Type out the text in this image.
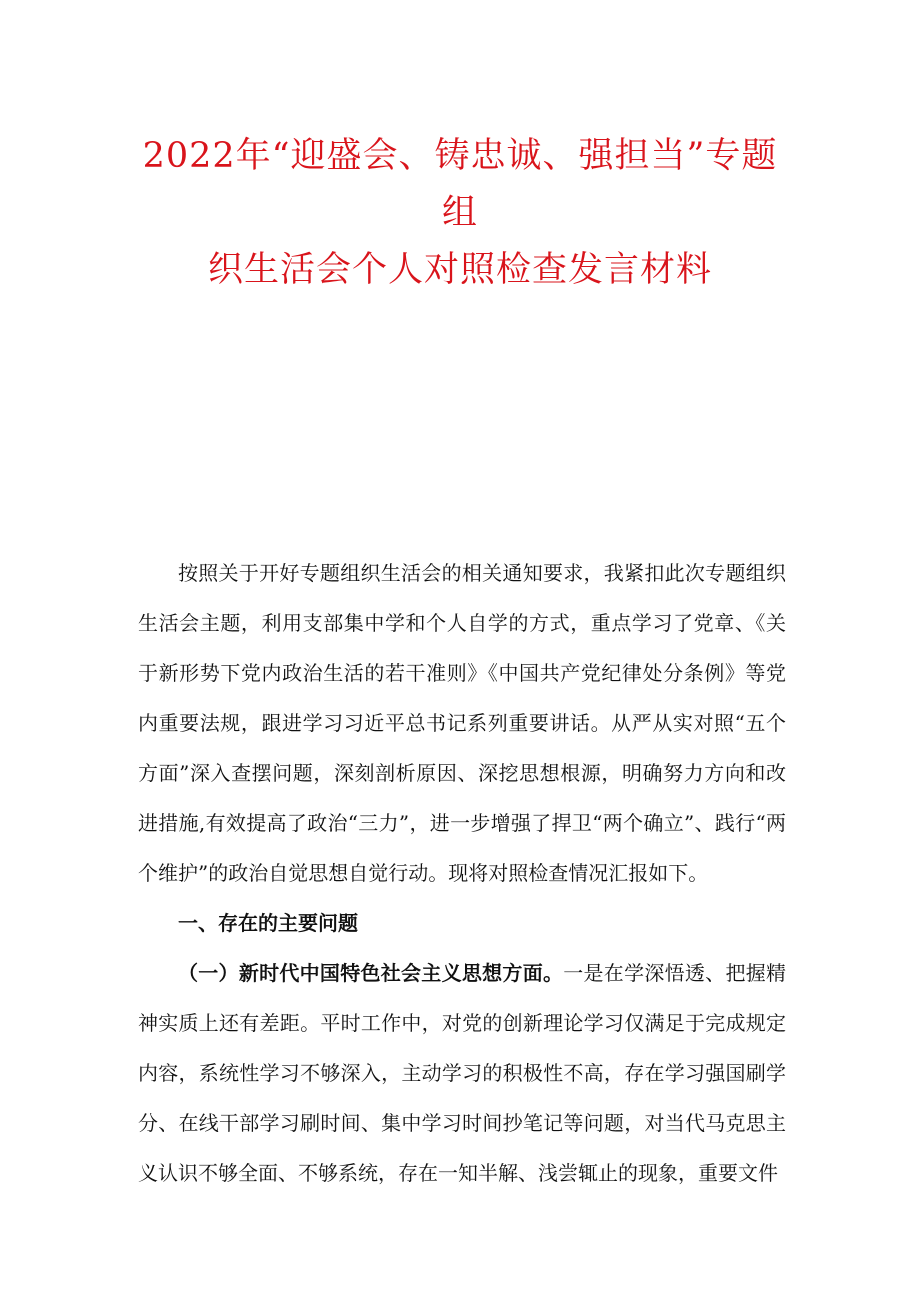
2022年“迎盛会、铸忠诚、强担当”专题
组
织生活会个人对照检查发言材料

按照关于开好专题组织生活会的相关通知要求，我紧扣此次专题组织生活会主题，利用支部集中学和个人自学的方式，重点学习了党章、《关于新形势下党内政治生活的若干准则》《中国共产党纪律处分条例》等党内重要法规，跟进学习习近平总书记系列重要讲话。从严从实对照“五个方面”深入查摆问题，深刻剖析原因、深挖思想根源，明确努力方向和改进措施,有效提高了政治“三力”，进一步增强了捍卫“两个确立”、践行“两个维护”的政治自觉思想自觉行动。现将对照检查情况汇报如下。

一、存在的主要问题

（一）新时代中国特色社会主义思想方面。一是在学深悟透、把握精神实质上还有差距。平时工作中，对党的创新理论学习仅满足于完成规定内容，系统性学习不够深入，主动学习的积极性不高，存在学习强国刷学分、在线干部学习刷时间、集中学习时间抄笔记等问题，对当代马克思主义认识不够全面、不够系统，存在一知半解、浅尝辄止的现象，重要文件
